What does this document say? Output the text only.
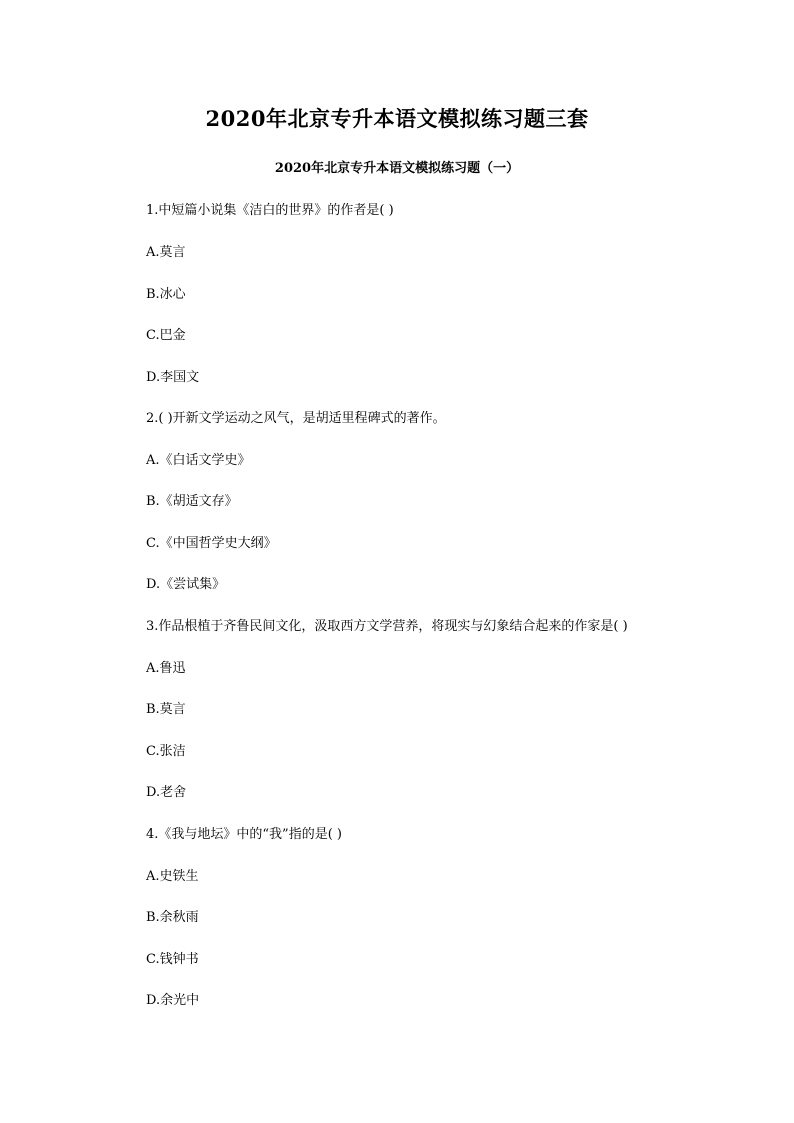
2020年北京专升本语文模拟练习题三套
2020年北京专升本语文模拟练习题（一）
1.中短篇小说集《洁白的世界》的作者是( )
A.莫言
B.冰心
C.巴金
D.李国文
2.( )开新文学运动之风气，是胡适里程碑式的著作。
A.《白话文学史》
B.《胡适文存》
C.《中国哲学史大纲》
D.《尝试集》
3.作品根植于齐鲁民间文化，汲取西方文学营养，将现实与幻象结合起来的作家是( )
A.鲁迅
B.莫言
C.张洁
D.老舍
4.《我与地坛》中的“我”指的是( )
A.史铁生
B.余秋雨
C.钱钟书
D.余光中
